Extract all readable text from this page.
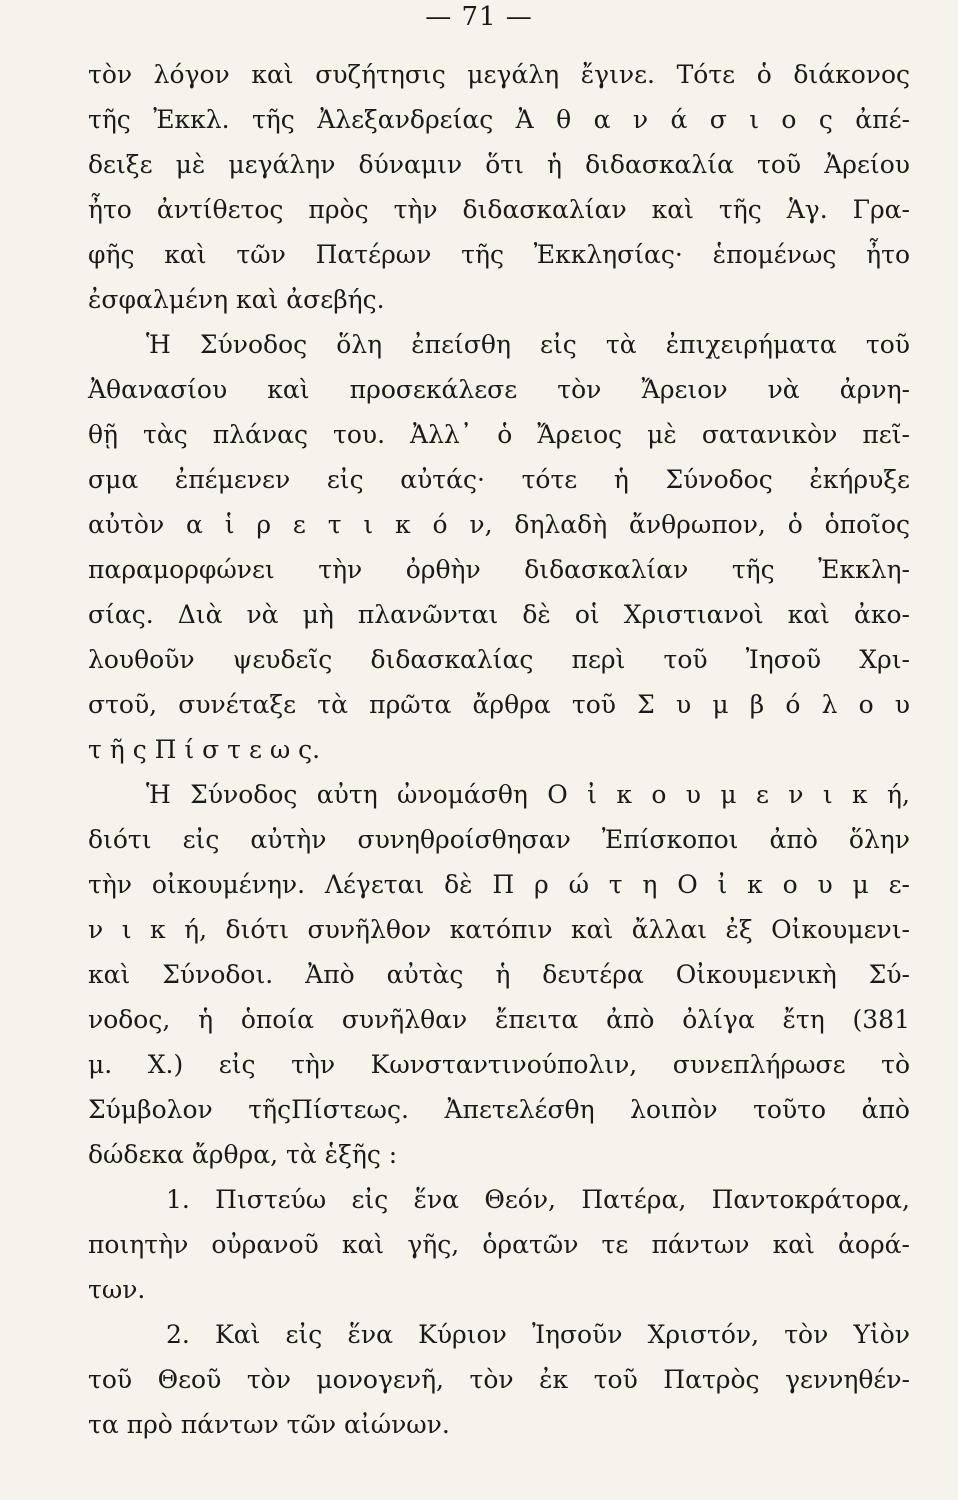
— 71 —
τὸν λόγον καὶ συζήτησις μεγάλη ἔγινε. Τότε ὁ διάκονος
τῆς Ἐκκλ. τῆς Ἀλεξανδρείας Ἀ θ α ν ά σ ι ο ς ἀπέ-
δειξε μὲ μεγάλην δύναμιν ὅτι ἡ διδασκαλία τοῦ Ἀρείου
ἦτο ἀντίθετος πρὸς τὴν διδασκαλίαν καὶ τῆς Ἁγ. Γρα-
φῆς καὶ τῶν Πατέρων τῆς Ἐκκλησίας· ἑπομένως ἦτο
ἐσφαλμένη καὶ ἀσεβής.
Ἡ Σύνοδος ὅλη ἐπείσθη εἰς τὰ ἐπιχειρήματα τοῦ
Ἀθανασίου καὶ προσεκάλεσε τὸν Ἄρειον νὰ ἀρνη-
θῇ τὰς πλάνας του. Ἀλλ᾽ ὁ Ἄρειος μὲ σατανικὸν πεῖ-
σμα ἐπέμενεν εἰς αὐτάς· τότε ἡ Σύνοδος ἐκήρυξε
αὐτὸν α ἱ ρ ε τ ι κ ό ν, δηλαδὴ ἄνθρωπον, ὁ ὁποῖος
παραμορφώνει τὴν ὀρθὴν διδασκαλίαν τῆς Ἐκκλη-
σίας. Διὰ νὰ μὴ πλανῶνται δὲ οἱ Χριστιανοὶ καὶ ἀκο-
λουθοῦν ψευδεῖς διδασκαλίας περὶ τοῦ Ἰησοῦ Χρι-
στοῦ, συνέταξε τὰ πρῶτα ἄρθρα τοῦ Σ υ μ β ό λ ο υ
τ ῆ ς Π ί σ τ ε ω ς.
Ἡ Σύνοδος αὐτη ὠνομάσθη Ο ἰ κ ο υ μ ε ν ι κ ή,
διότι εἰς αὐτὴν συνηθροίσθησαν Ἐπίσκοποι ἀπὸ ὅλην
τὴν οἰκουμένην. Λέγεται δὲ Π ρ ώ τ η Ο ἰ κ ο υ μ ε-
ν ι κ ή, διότι συνῆλθον κατόπιν καὶ ἄλλαι ἐξ Οἰκουμενι-
καὶ Σύνοδοι. Ἀπὸ αὐτὰς ἡ δευτέρα Οἰκουμενικὴ Σύ-
νοδος, ἡ ὁποία συνῆλθαν ἔπειτα ἀπὸ ὀλίγα ἔτη (381
μ. Χ.) εἰς τὴν Κωνσταντινούπολιν, συνεπλήρωσε τὸ
Σύμβολον τῆςΠίστεως. Ἀπετελέσθη λοιπὸν τοῦτο ἀπὸ
δώδεκα ἄρθρα, τὰ ἑξῆς :
1. Πιστεύω εἰς ἕνα Θεόν, Πατέρα, Παντοκράτορα,
ποιητὴν οὐρανοῦ καὶ γῆς, ὁρατῶν τε πάντων καὶ ἀορά-
των.
2. Καὶ εἰς ἕνα Κύριον Ἰησοῦν Χριστόν, τὸν Υἱὸν
τοῦ Θεοῦ τὸν μονογενῆ, τὸν ἐκ τοῦ Πατρὸς γεννηθέν-
τα πρὸ πάντων τῶν αἰώνων.
